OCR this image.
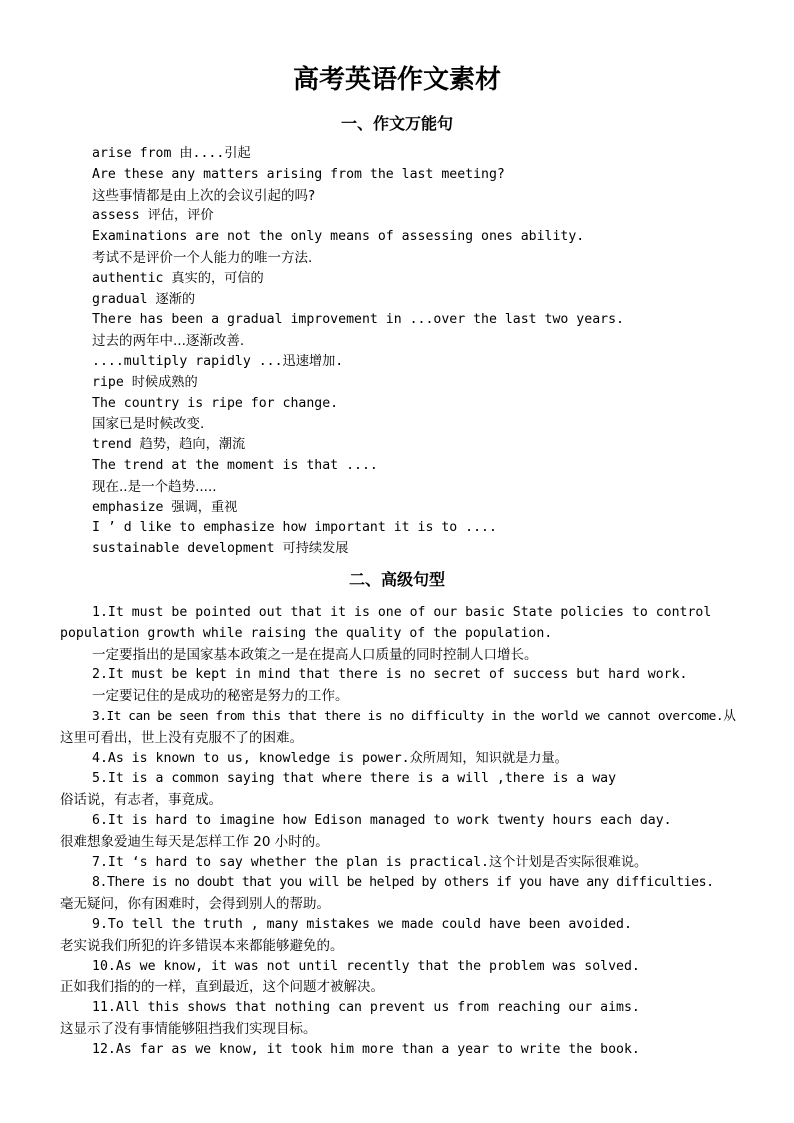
高考英语作文素材
一、作文万能句
arise from 由....引起
Are these any matters arising from the last meeting?
这些事情都是由上次的会议引起的吗?
assess 评估，评价
Examinations are not the only means of assessing ones ability.
考试不是评价一个人能力的唯一方法.
authentic 真实的，可信的
gradual 逐渐的
There has been a gradual improvement in ...over the last two years.
过去的两年中...逐渐改善.
....multiply rapidly ...迅速增加.
ripe 时候成熟的
The country is ripe for change.
国家已是时候改变.
trend 趋势，趋向，潮流
The trend at the moment is that ....
现在..是一个趋势.....
emphasize 强调，重视
I ’ d like to emphasize how important it is to ....
sustainable development 可持续发展
二、高级句型
1.It must be pointed out that it is one of our basic State policies to control
population growth while raising the quality of the population.
一定要指出的是国家基本政策之一是在提高人口质量的同时控制人口增长。
2.It must be kept in mind that there is no secret of success but hard work.
一定要记住的是成功的秘密是努力的工作。
3.It can be seen from this that there is no difficulty in the world we cannot overcome.从
这里可看出，世上没有克服不了的困难。
4.As is known to us, knowledge is power.众所周知，知识就是力量。
5.It is a common saying that where there is a will ,there is a way
俗话说，有志者，事竟成。
6.It is hard to imagine how Edison managed to work twenty hours each day.
很难想象爱迪生每天是怎样工作 20 小时的。
7.It ‘s hard to say whether the plan is practical.这个计划是否实际很难说。
8.There is no doubt that you will be helped by others if you have any difficulties.
毫无疑问，你有困难时，会得到别人的帮助。
9.To tell the truth , many mistakes we made could have been avoided.
老实说我们所犯的许多错误本来都能够避免的。
10.As we know, it was not until recently that the problem was solved.
正如我们指的的一样，直到最近，这个问题才被解决。
11.All this shows that nothing can prevent us from reaching our aims.
这显示了没有事情能够阻挡我们实现目标。
12.As far as we know, it took him more than a year to write the book.
